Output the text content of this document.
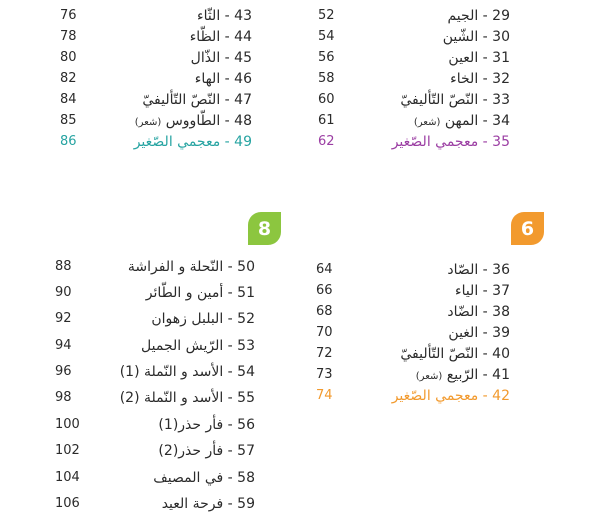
76	43 - الثّاء
78	44 - الظّاء
80	45 - الذّال
82	46 - الهاء
84	47 - النّصّ التّأليفيّ
85	48 - الطّاووس (شعر)
86	49 - معجمي الصّغير
52	29 - الجيم
54	30 - الشّين
56	31 - العين
58	32 - الخاء
60	33 - النّصّ التّأليفيّ
61	34 - المهن (شعر)
62	35 - معجمي الصّغير
8	6
88	50 - النّحلة و الفراشة
90	51 - أمين و الطّائر
92	52 - البلبل زهوان
94	53 - الرّيش الجميل
96	54 - الأسد و النّملة (1)
98	55 - الأسد و النّملة (2)
100	56 - فأر حذر(1)
102	57 - فأر حذر(2)
104	58 - في المصيف
106	59 - فرحة العيد
64	36 - الصّاد
66	37 - الياء
68	38 - الضّاد
70	39 - الغين
72	40 - النّصّ التّأليفيّ
73	41 - الرّبيع (شعر)
74	42 - معجمي الصّغير
